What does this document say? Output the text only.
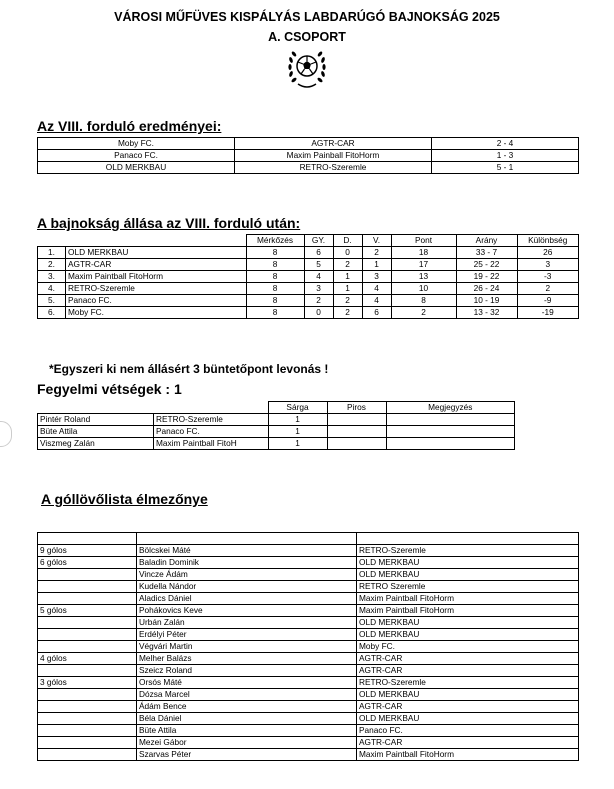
VÁROSI MŰFÜVES KISPÁLYÁS LABDARÚGÓ BAJNOKSÁG 2025
A. CSOPORT
Az VIII. forduló eredményei:
Moby FC.	AGTR-CAR	2 - 4
Panaco FC.	Maxim Painball FitoHorm	1 - 3
OLD MERKBAU	RETRO-Szeremle	5 - 1
A bajnokság állása az VIII. forduló után:
		Mérkőzés	GY.	D.	V.	Pont	Arány	Különbség
1.	OLD MERKBAU	8	6	0	2	18	33 - 7	26
2.	AGTR-CAR	8	5	2	1	17	25 - 22	3
3.	Maxim Paintball FitoHorm	8	4	1	3	13	19 - 22	-3
4.	RETRO-Szeremle	8	3	1	4	10	26 - 24	2
5.	Panaco FC.	8	2	2	4	8	10 - 19	-9
6.	Moby FC.	8	0	2	6	2	13 - 32	-19
*Egyszeri ki nem állásért 3 büntetőpont levonás !
Fegyelmi vétségek : 1
		Sárga	Piros	Megjegyzés
Pintér Roland	RETRO-Szeremle	1		
Büte Attila	Panaco FC.	1		
Viszmeg Zalán	Maxim Paintball FitoH	1		
A góllövőlista élmezőnye

9 gólos	Bölcskei Máté	RETRO-Szeremle
6 gólos	Baladin Dominik	OLD MERKBAU
	Vincze Ádám	OLD MERKBAU
	Kudella Nándor	RETRO Szeremle
	Aladics Dániel	Maxim Paintball FitoHorm
5 gólos	Pohákovics Keve	Maxim Paintball FitoHorm
	Urbán Zalán	OLD MERKBAU
	Erdélyi Péter	OLD MERKBAU
	Végvári Martin	Moby FC.
4 gólos	Melher Balázs	AGTR-CAR
	Szeicz Roland	AGTR-CAR
3 gólos	Orsós Máté	RETRO-Szeremle
	Dózsa Marcel	OLD MERKBAU
	Ádám Bence	AGTR-CAR
	Béla Dániel	OLD MERKBAU
	Büte Attila	Panaco FC.
	Mezei Gábor	AGTR-CAR
	Szarvas Péter	Maxim Paintball FitoHorm
